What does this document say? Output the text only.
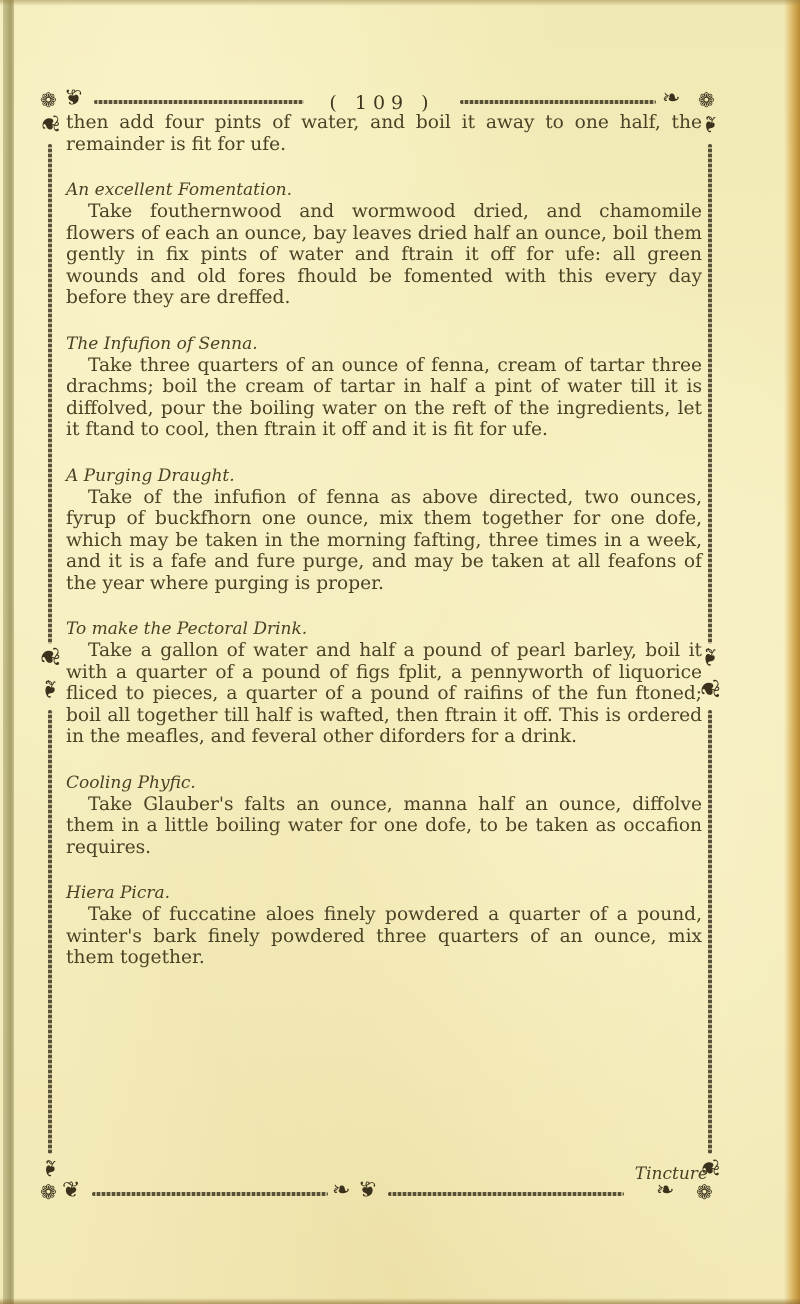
❁ ❦	( 109 )	❧ ❁
❦
❦
❧
❧
❧
❧
❦
❦
❁ ❦	❧ ❦	❧ ❁

then add four pints of water, and boil it away to one half, the remainder is fit for ufe.

An excellent Fomentation.

Take fouthernwood and wormwood dried, and chamomile flowers of each an ounce, bay leaves dried half an ounce, boil them gently in fix pints of water and ftrain it off for ufe: all green wounds and old fores fhould be fomented with this every day before they are dreffed.

The Infufion of Senna.

Take three quarters of an ounce of fenna, cream of tartar three drachms; boil the cream of tartar in half a pint of water till it is diffolved, pour the boiling water on the reft of the ingredients, let it ftand to cool, then ftrain it off and it is fit for ufe.

A Purging Draught.

Take of the infufion of fenna as above directed, two ounces, fyrup of buckfhorn one ounce, mix them together for one dofe, which may be taken in the morning fafting, three times in a week, and it is a fafe and fure purge, and may be taken at all feafons of the year where purging is proper.

To make the Pectoral Drink.

Take a gallon of water and half a pound of pearl barley, boil it with a quarter of a pound of figs fplit, a pennyworth of liquorice fliced to pieces, a quarter of a pound of raifins of the fun ftoned; boil all together till half is wafted, then ftrain it off. This is ordered in the meafles, and feveral other diforders for a drink.

Cooling Phyfic.

Take Glauber's falts an ounce, manna half an ounce, diffolve them in a little boiling water for one dofe, to be taken as occafion requires.

Hiera Picra.

Take of fuccatine aloes finely powdered a quarter of a pound, winter's bark finely powdered three quarters of an ounce, mix them together.

Tincture
